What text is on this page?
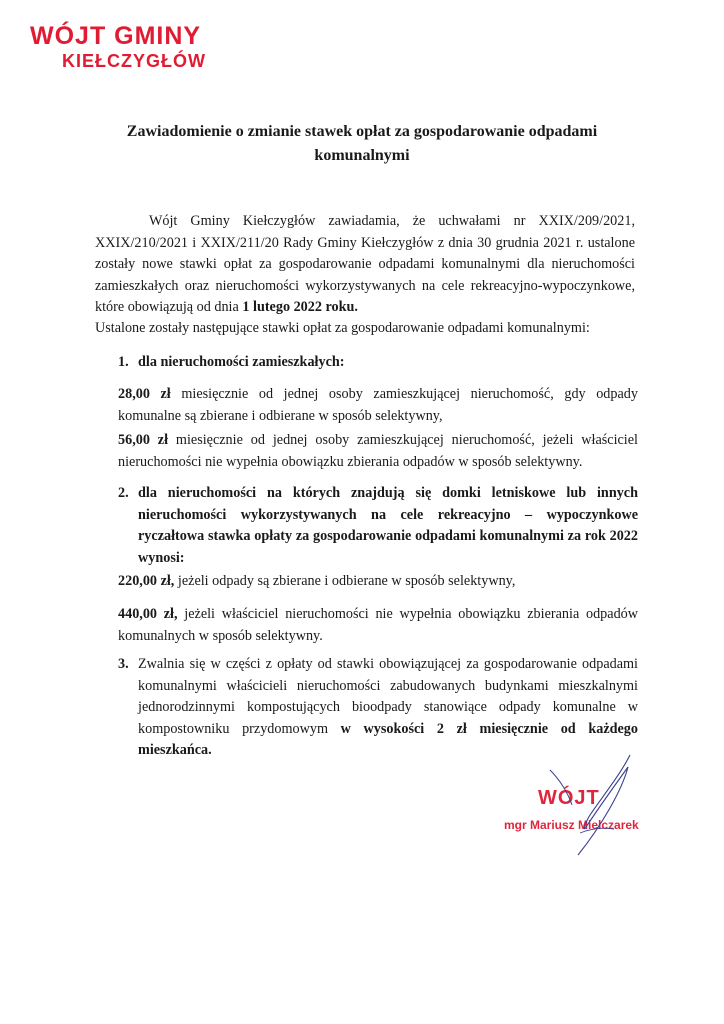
WÓJT GMINY
KIEŁCZYGŁÓW
Zawiadomienie o zmianie stawek opłat za gospodarowanie odpadami komunalnymi
Wójt Gminy Kiełczygłów zawiadamia, że uchwałami nr XXIX/209/2021, XXIX/210/2021 i XXIX/211/20 Rady Gminy Kiełczygłów z dnia 30 grudnia 2021 r. ustalone zostały nowe stawki opłat za gospodarowanie odpadami komunalnymi dla nieruchomości zamieszkałych oraz nieruchomości wykorzystywanych na cele rekreacyjno-wypoczynkowe, które obowiązują od dnia 1 lutego 2022 roku.
Ustalone zostały następujące stawki opłat za gospodarowanie odpadami komunalnymi:
1. dla nieruchomości zamieszkałych:
28,00 zł miesięcznie od jednej osoby zamieszkującej nieruchomość, gdy odpady komunalne są zbierane i odbierane w sposób selektywny,
56,00 zł miesięcznie od jednej osoby zamieszkującej nieruchomość, jeżeli właściciel nieruchomości nie wypełnia obowiązku zbierania odpadów w sposób selektywny.
2. dla nieruchomości na których znajdują się domki letniskowe lub innych nieruchomości wykorzystywanych na cele rekreacyjno – wypoczynkowe ryczałtowa stawka opłaty za gospodarowanie odpadami komunalnymi za rok 2022 wynosi:
220,00 zł, jeżeli odpady są zbierane i odbierane w sposób selektywny,
440,00 zł, jeżeli właściciel nieruchomości nie wypełnia obowiązku zbierania odpadów komunalnych w sposób selektywny.
3. Zwalnia się w części z opłaty od stawki obowiązującej za gospodarowanie odpadami komunalnymi właścicieli nieruchomości zabudowanych budynkami mieszkalnymi jednorodzinnymi kompostujących bioodpady stanowiące odpady komunalne w kompostowniku przydomowym w wysokości 2 zł miesięcznie od każdego mieszkańca.
WÓJT
mgr Mariusz Mielczarek
